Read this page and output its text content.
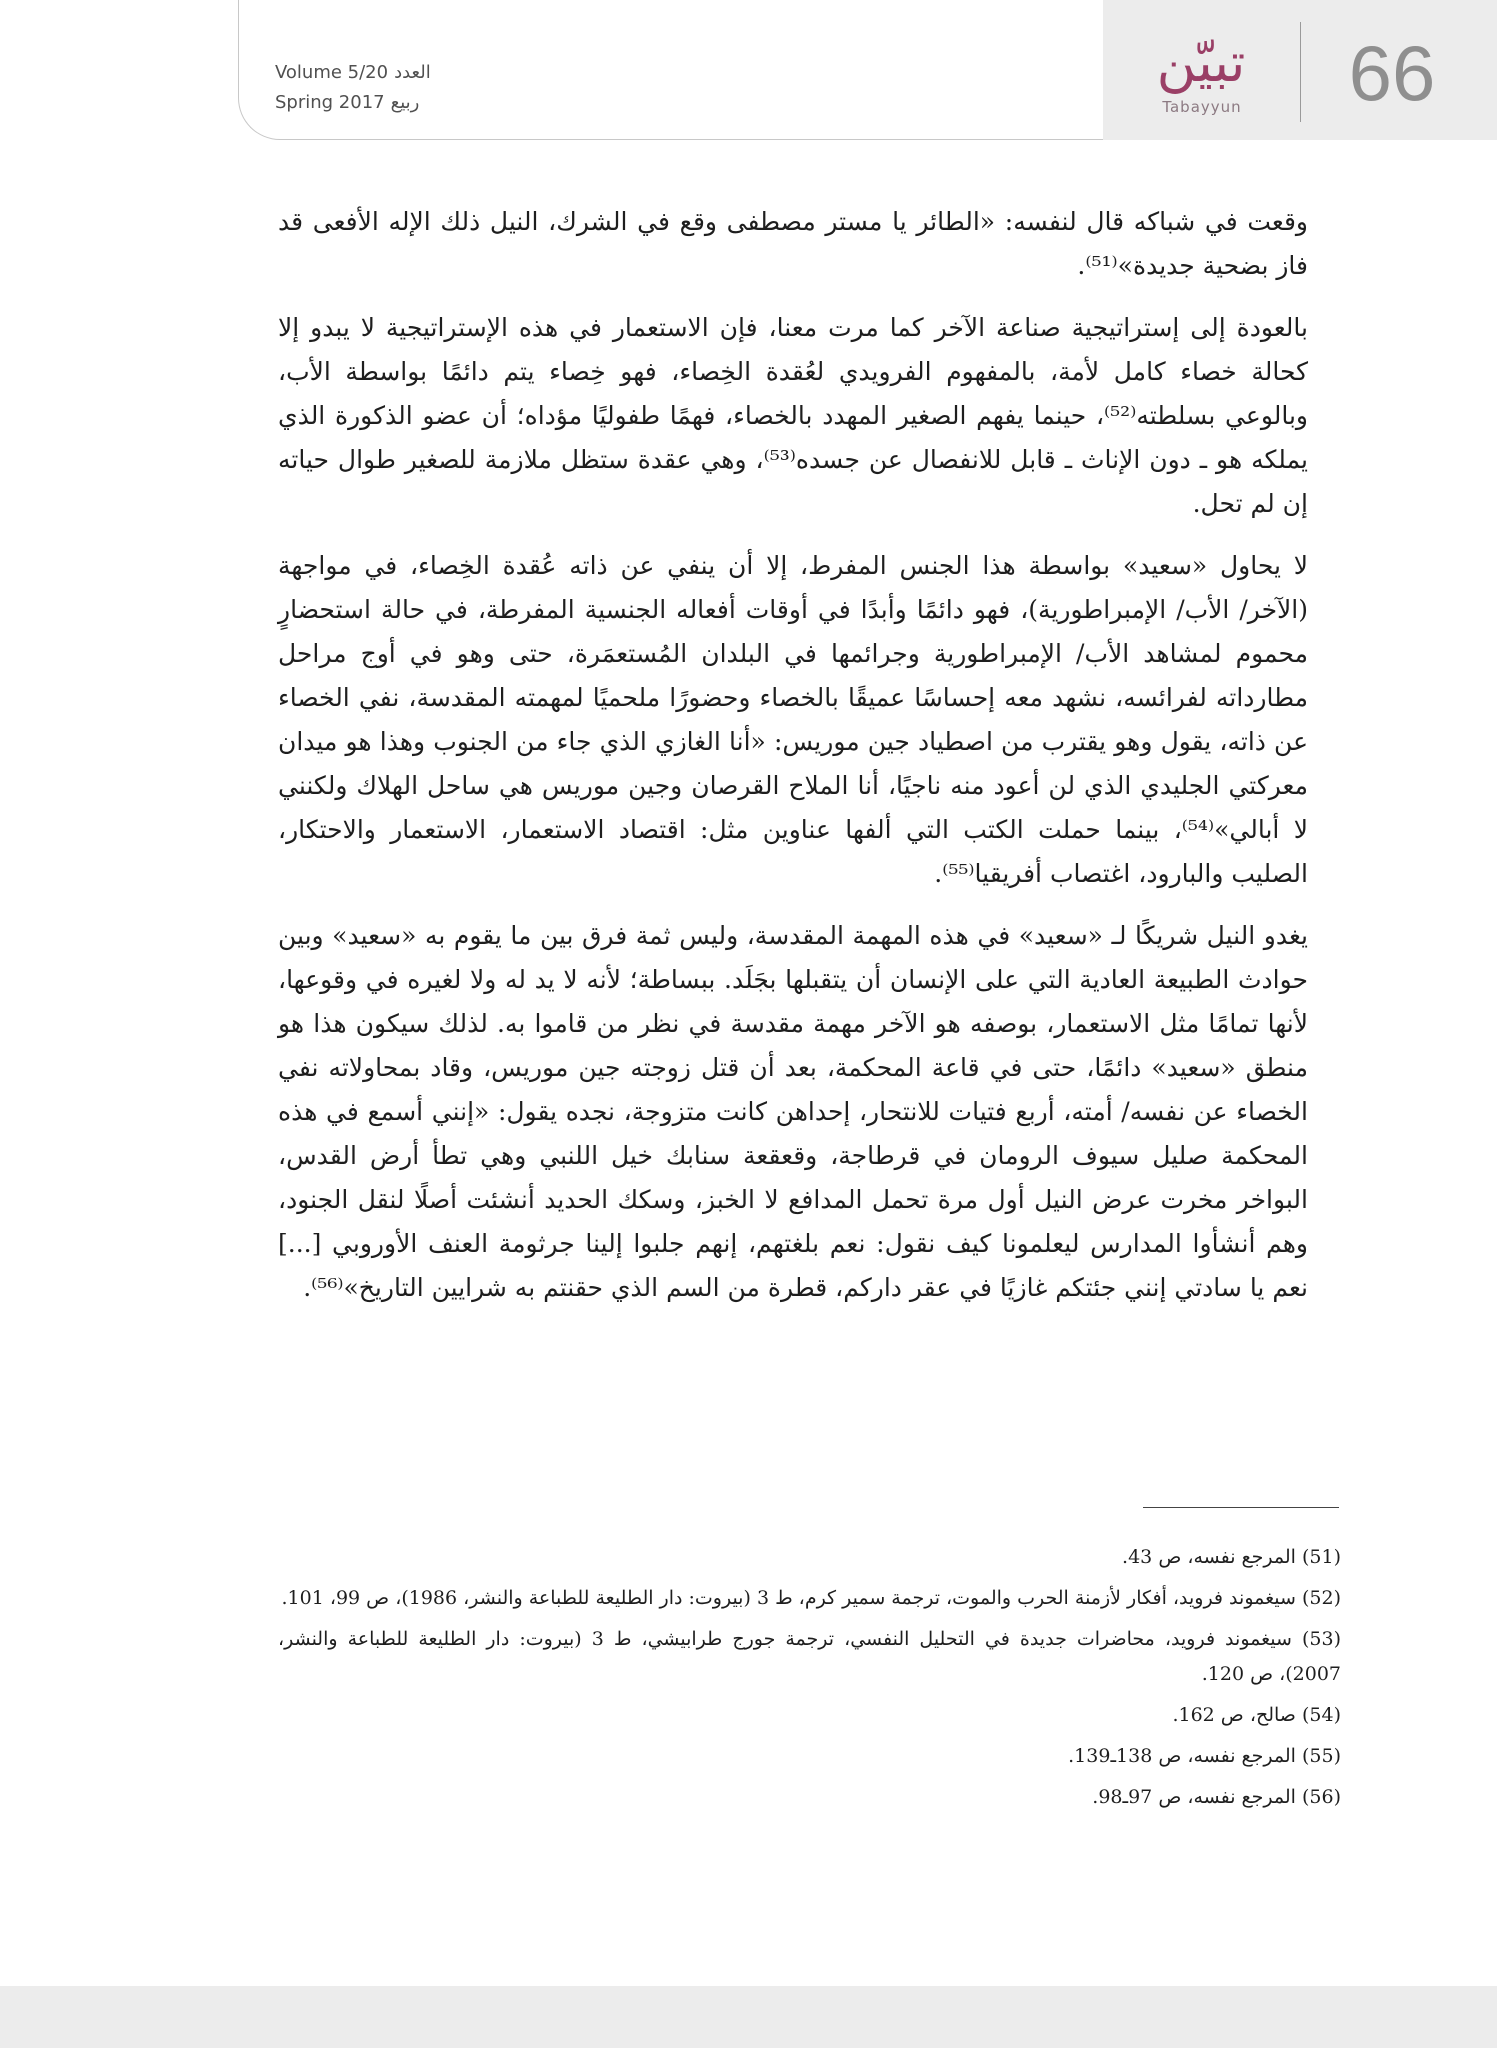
Volume 5/20 العدد
Spring 2017 ربيع
تبيّن
Tabayyun	66

وقعت في شباكه قال لنفسه: «الطائر يا مستر مصطفى وقع في الشرك، النيل ذلك الإله الأفعى قد فاز بضحية جديدة»⁽⁵¹⁾.

بالعودة إلى إستراتيجية صناعة الآخر كما مرت معنا، فإن الاستعمار في هذه الإستراتيجية لا يبدو إلا كحالة خصاء كامل لأمة، بالمفهوم الفرويدي لعُقدة الخِصاء، فهو خِصاء يتم دائمًا بواسطة الأب، وبالوعي بسلطته⁽⁵²⁾، حينما يفهم الصغير المهدد بالخصاء، فهمًا طفوليًا مؤداه؛ أن عضو الذكورة الذي يملكه هو ـ دون الإناث ـ قابل للانفصال عن جسده⁽⁵³⁾، وهي عقدة ستظل ملازمة للصغير طوال حياته إن لم تحل.

لا يحاول «سعيد» بواسطة هذا الجنس المفرط، إلا أن ينفي عن ذاته عُقدة الخِصاء، في مواجهة (الآخر/ الأب/ الإمبراطورية)، فهو دائمًا وأبدًا في أوقات أفعاله الجنسية المفرطة، في حالة استحضارٍ محموم لمشاهد الأب/ الإمبراطورية وجرائمها في البلدان المُستعمَرة، حتى وهو في أوج مراحل مطارداته لفرائسه، نشهد معه إحساسًا عميقًا بالخصاء وحضورًا ملحميًا لمهمته المقدسة، نفي الخصاء عن ذاته، يقول وهو يقترب من اصطياد جين موريس: «أنا الغازي الذي جاء من الجنوب وهذا هو ميدان معركتي الجليدي الذي لن أعود منه ناجيًا، أنا الملاح القرصان وجين موريس هي ساحل الهلاك ولكنني لا أبالي»⁽⁵⁴⁾، بينما حملت الكتب التي ألفها عناوين مثل: اقتصاد الاستعمار، الاستعمار والاحتكار، الصليب والبارود، اغتصاب أفريقيا⁽⁵⁵⁾.

يغدو النيل شريكًا لـ «سعيد» في هذه المهمة المقدسة، وليس ثمة فرق بين ما يقوم به «سعيد» وبين حوادث الطبيعة العادية التي على الإنسان أن يتقبلها بجَلَد. ببساطة؛ لأنه لا يد له ولا لغيره في وقوعها، لأنها تمامًا مثل الاستعمار، بوصفه هو الآخر مهمة مقدسة في نظر من قاموا به. لذلك سيكون هذا هو منطق «سعيد» دائمًا، حتى في قاعة المحكمة، بعد أن قتل زوجته جين موريس، وقاد بمحاولاته نفي الخصاء عن نفسه/ أمته، أربع فتيات للانتحار، إحداهن كانت متزوجة، نجده يقول: «إنني أسمع في هذه المحكمة صليل سيوف الرومان في قرطاجة، وقعقعة سنابك خيل اللنبي وهي تطأ أرض القدس، البواخر مخرت عرض النيل أول مرة تحمل المدافع لا الخبز، وسكك الحديد أنشئت أصلًا لنقل الجنود، وهم أنشأوا المدارس ليعلمونا كيف نقول: نعم بلغتهم، إنهم جلبوا إلينا جرثومة العنف الأوروبي [...] نعم يا سادتي إنني جئتكم غازيًا في عقر داركم، قطرة من السم الذي حقنتم به شرايين التاريخ»⁽⁵⁶⁾.

(51) المرجع نفسه، ص 43.
(52) سيغموند فرويد، أفكار لأزمنة الحرب والموت، ترجمة سمير كرم، ط 3 (بيروت: دار الطليعة للطباعة والنشر، 1986)، ص 99، 101.
(53) سيغموند فرويد، محاضرات جديدة في التحليل النفسي، ترجمة جورج طرابيشي، ط 3 (بيروت: دار الطليعة للطباعة والنشر، 2007)، ص 120.
(54) صالح، ص 162.
(55) المرجع نفسه، ص 138ـ139.
(56) المرجع نفسه، ص 97ـ98.
